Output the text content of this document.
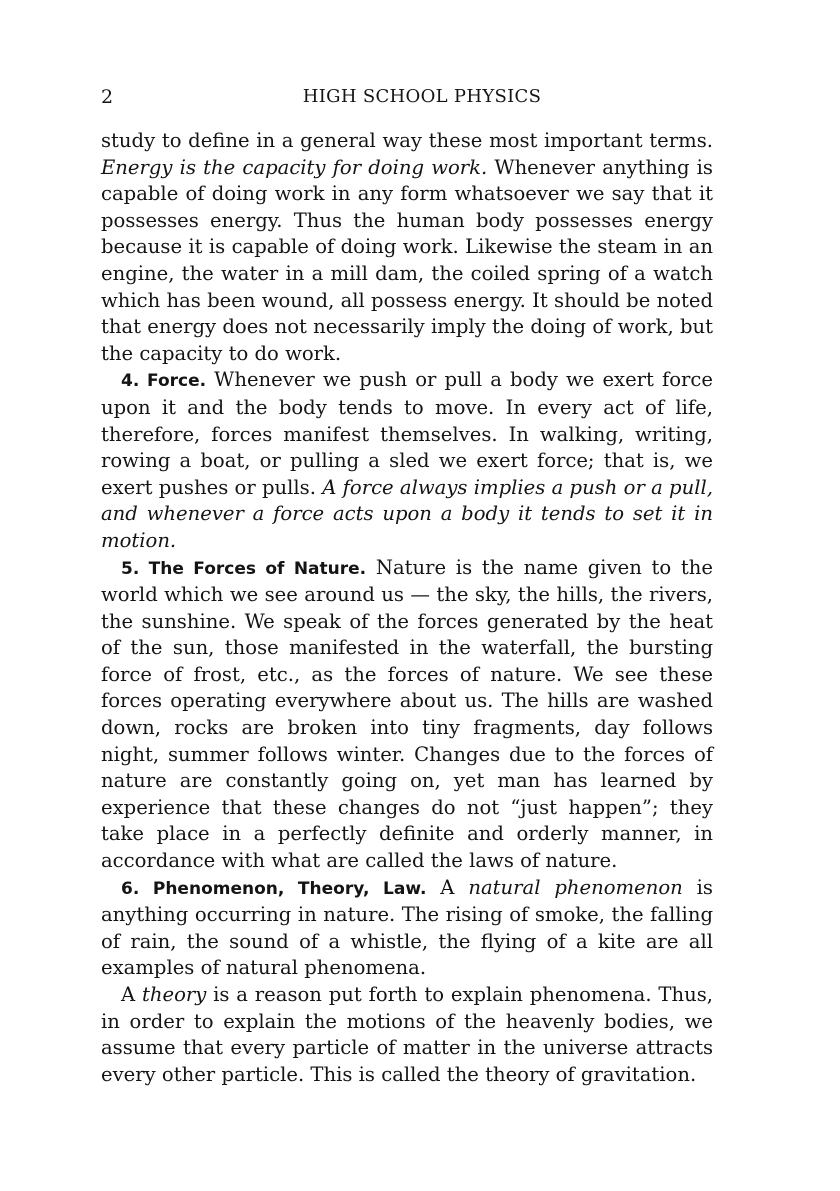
2	HIGH SCHOOL PHYSICS

study to define in a general way these most important terms. Energy is the capacity for doing work. Whenever anything is capable of doing work in any form whatsoever we say that it possesses energy. Thus the human body possesses energy because it is capable of doing work. Likewise the steam in an engine, the water in a mill dam, the coiled spring of a watch which has been wound, all possess energy. It should be noted that energy does not necessarily imply the doing of work, but the capacity to do work.

4. Force. Whenever we push or pull a body we exert force upon it and the body tends to move. In every act of life, therefore, forces manifest themselves. In walking, writing, rowing a boat, or pulling a sled we exert force; that is, we exert pushes or pulls. A force always implies a push or a pull, and whenever a force acts upon a body it tends to set it in motion.

5. The Forces of Nature. Nature is the name given to the world which we see around us — the sky, the hills, the rivers, the sunshine. We speak of the forces generated by the heat of the sun, those manifested in the waterfall, the bursting force of frost, etc., as the forces of nature. We see these forces operating everywhere about us. The hills are washed down, rocks are broken into tiny fragments, day follows night, summer follows winter. Changes due to the forces of nature are constantly going on, yet man has learned by experience that these changes do not “just happen”; they take place in a perfectly definite and orderly manner, in accordance with what are called the laws of nature.

6. Phenomenon, Theory, Law. A natural phenomenon is anything occurring in nature. The rising of smoke, the falling of rain, the sound of a whistle, the flying of a kite are all examples of natural phenomena.

A theory is a reason put forth to explain phenomena. Thus, in order to explain the motions of the heavenly bodies, we assume that every particle of matter in the universe attracts every other particle. This is called the theory of gravitation.
